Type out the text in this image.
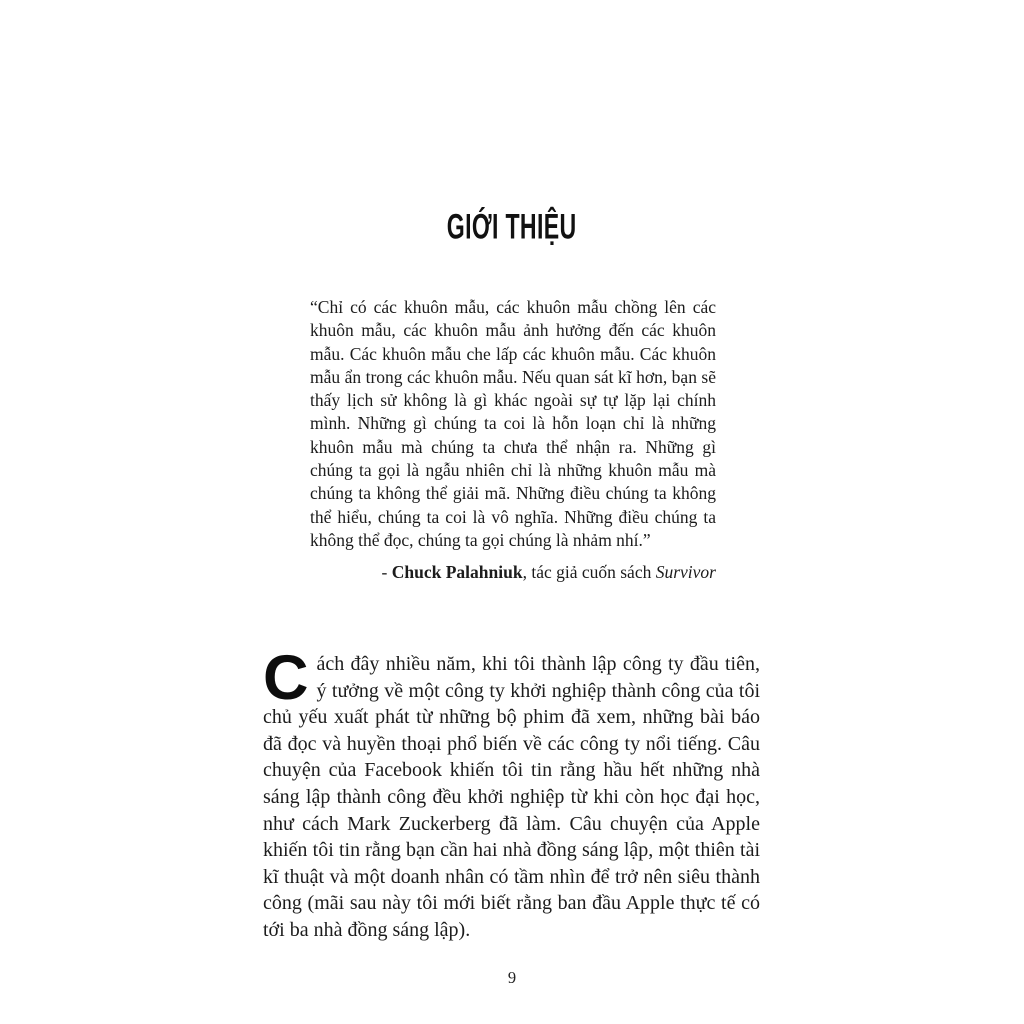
GIỚI THIỆU
“Chỉ có các khuôn mẫu, các khuôn mẫu chồng lên các khuôn mẫu, các khuôn mẫu ảnh hưởng đến các khuôn mẫu. Các khuôn mẫu che lấp các khuôn mẫu. Các khuôn mẫu ẩn trong các khuôn mẫu. Nếu quan sát kĩ hơn, bạn sẽ thấy lịch sử không là gì khác ngoài sự tự lặp lại chính mình. Những gì chúng ta coi là hỗn loạn chỉ là những khuôn mẫu mà chúng ta chưa thể nhận ra. Những gì chúng ta gọi là ngẫu nhiên chỉ là những khuôn mẫu mà chúng ta không thể giải mã. Những điều chúng ta không thể hiểu, chúng ta coi là vô nghĩa. Những điều chúng ta không thể đọc, chúng ta gọi chúng là nhảm nhí.”
- Chuck Palahniuk, tác giả cuốn sách Survivor
Cách đây nhiều năm, khi tôi thành lập công ty đầu tiên, ý tưởng về một công ty khởi nghiệp thành công của tôi chủ yếu xuất phát từ những bộ phim đã xem, những bài báo đã đọc và huyền thoại phổ biến về các công ty nổi tiếng. Câu chuyện của Facebook khiến tôi tin rằng hầu hết những nhà sáng lập thành công đều khởi nghiệp từ khi còn học đại học, như cách Mark Zuckerberg đã làm. Câu chuyện của Apple khiến tôi tin rằng bạn cần hai nhà đồng sáng lập, một thiên tài kĩ thuật và một doanh nhân có tầm nhìn để trở nên siêu thành công (mãi sau này tôi mới biết rằng ban đầu Apple thực tế có tới ba nhà đồng sáng lập).
9
